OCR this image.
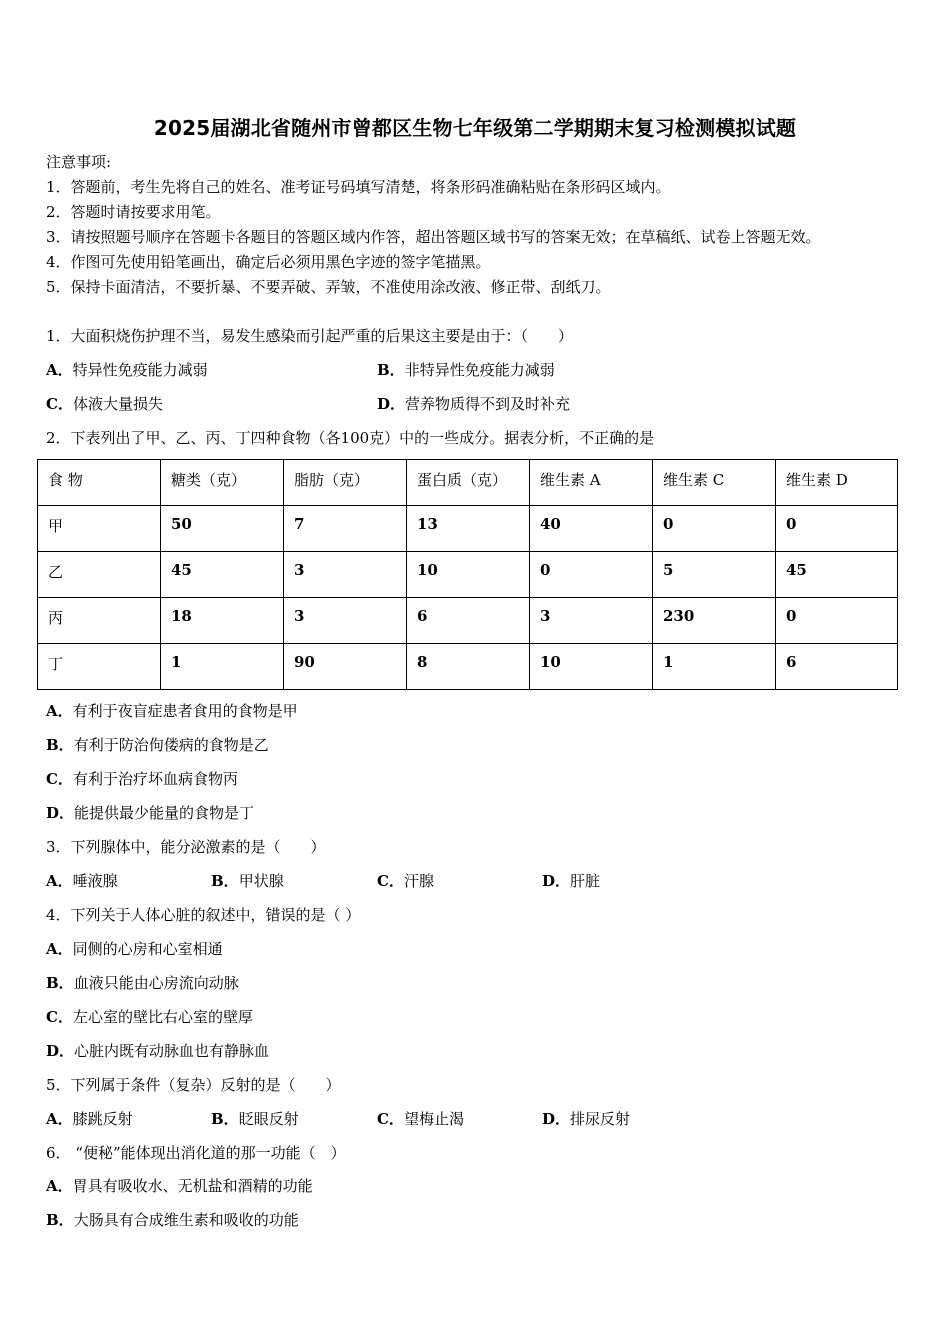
2025届湖北省随州市曾都区生物七年级第二学期期末复习检测模拟试题
注意事项:
1．答题前，考生先将自己的姓名、准考证号码填写清楚，将条形码准确粘贴在条形码区域内。
2．答题时请按要求用笔。
3．请按照题号顺序在答题卡各题目的答题区域内作答，超出答题区域书写的答案无效；在草稿纸、试卷上答题无效。
4．作图可先使用铅笔画出，确定后必须用黑色字迹的签字笔描黑。
5．保持卡面清洁，不要折暴、不要弄破、弄皱，不准使用涂改液、修正带、刮纸刀。
1．大面积烧伤护理不当，易发生感染而引起严重的后果这主要是由于：（　　）
A．特异性免疫能力减弱	B．非特异性免疫能力减弱
C．体液大量损失	D．营养物质得不到及时补充
2．下表列出了甲、乙、丙、丁四种食物（各100克）中的一些成分。据表分析，不正确的是
食 物	糖类（克）	脂肪（克）	蛋白质（克）	维生素 A	维生素 C	维生素 D
甲	50	7	13	40	0	0
乙	45	3	10	0	5	45
丙	18	3	6	3	230	0
丁	1	90	8	10	1	6
A．有利于夜盲症患者食用的食物是甲
B．有利于防治佝偻病的食物是乙
C．有利于治疗坏血病食物丙
D．能提供最少能量的食物是丁
3．下列腺体中，能分泌激素的是（　　）
A．唾液腺	B．甲状腺	C．汗腺	D．肝脏
4．下列关于人体心脏的叙述中，错误的是（ ）
A．同侧的心房和心室相通
B．血液只能由心房流向动脉
C．左心室的壁比右心室的壁厚
D．心脏内既有动脉血也有静脉血
5．下列属于条件（复杂）反射的是（　　）
A．膝跳反射	B．眨眼反射	C．望梅止渴	D．排尿反射
6． “便秘”能体现出消化道的那一功能（　）
A．胃具有吸收水、无机盐和酒精的功能
B．大肠具有合成维生素和吸收的功能
